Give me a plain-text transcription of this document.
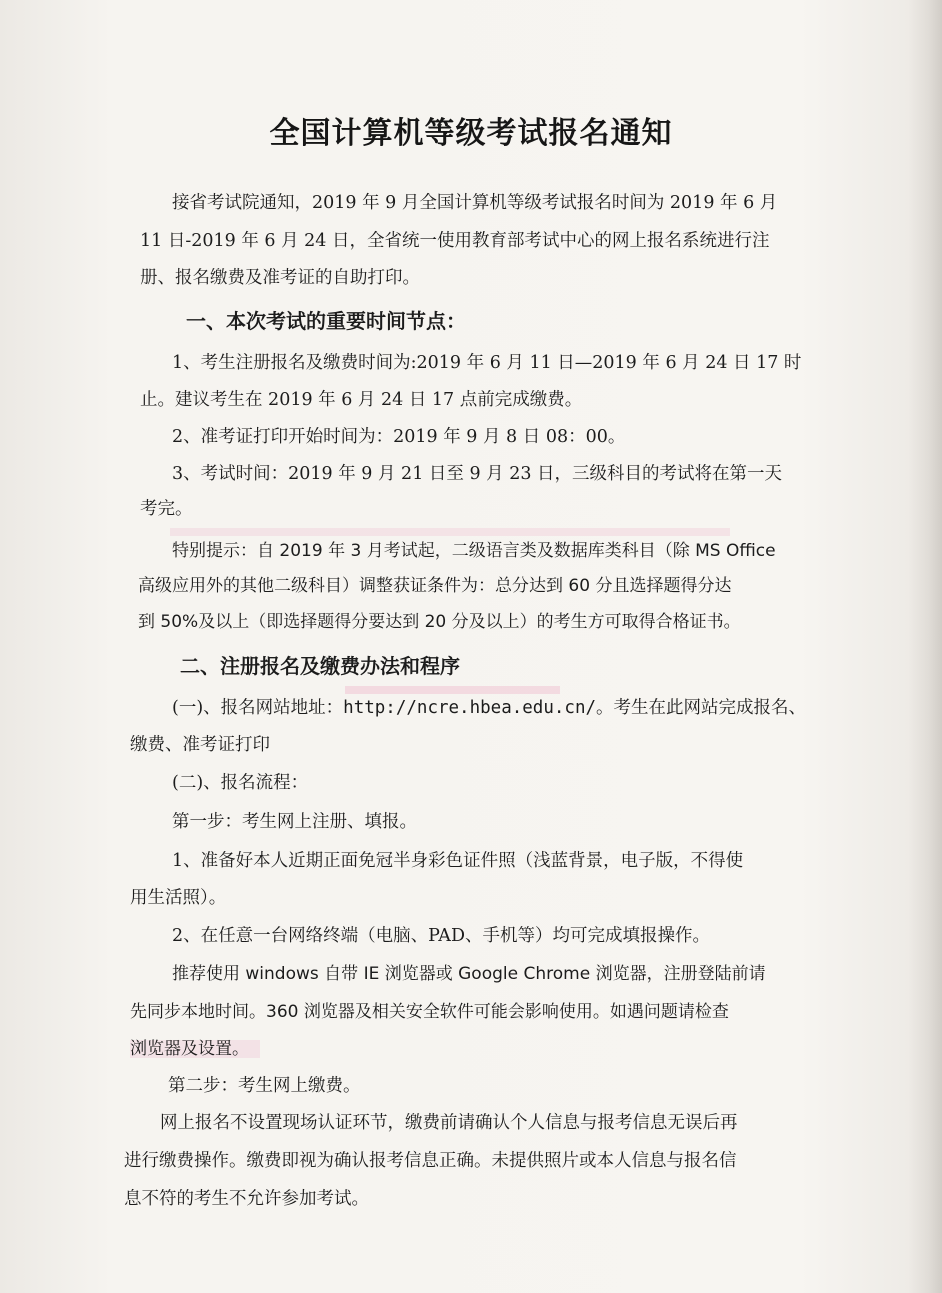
全国计算机等级考试报名通知
接省考试院通知，2019 年 9 月全国计算机等级考试报名时间为 2019 年 6 月
11 日-2019 年 6 月 24 日，全省统一使用教育部考试中心的网上报名系统进行注
册、报名缴费及准考证的自助打印。
一、本次考试的重要时间节点：
1、考生注册报名及缴费时间为:2019 年 6 月 11 日—2019 年 6 月 24 日 17 时
止。建议考生在 2019 年 6 月 24 日 17 点前完成缴费。
2、准考证打印开始时间为：2019 年 9 月 8 日 08：00。
3、考试时间：2019 年 9 月 21 日至 9 月 23 日，三级科目的考试将在第一天
考完。
特别提示：自 2019 年 3 月考试起，二级语言类及数据库类科目（除 MS Office
高级应用外的其他二级科目）调整获证条件为：总分达到 60 分且选择题得分达
到 50%及以上（即选择题得分要达到 20 分及以上）的考生方可取得合格证书。
二、注册报名及缴费办法和程序
(一)、报名网站地址：http://ncre.hbea.edu.cn/。考生在此网站完成报名、
缴费、准考证打印
(二)、报名流程：
第一步：考生网上注册、填报。
1、准备好本人近期正面免冠半身彩色证件照（浅蓝背景，电子版，不得使
用生活照）。
2、在任意一台网络终端（电脑、PAD、手机等）均可完成填报操作。
推荐使用 windows 自带 IE 浏览器或 Google Chrome 浏览器，注册登陆前请
先同步本地时间。360 浏览器及相关安全软件可能会影响使用。如遇问题请检查
浏览器及设置。
第二步：考生网上缴费。
网上报名不设置现场认证环节，缴费前请确认个人信息与报考信息无误后再
进行缴费操作。缴费即视为确认报考信息正确。未提供照片或本人信息与报名信
息不符的考生不允许参加考试。
